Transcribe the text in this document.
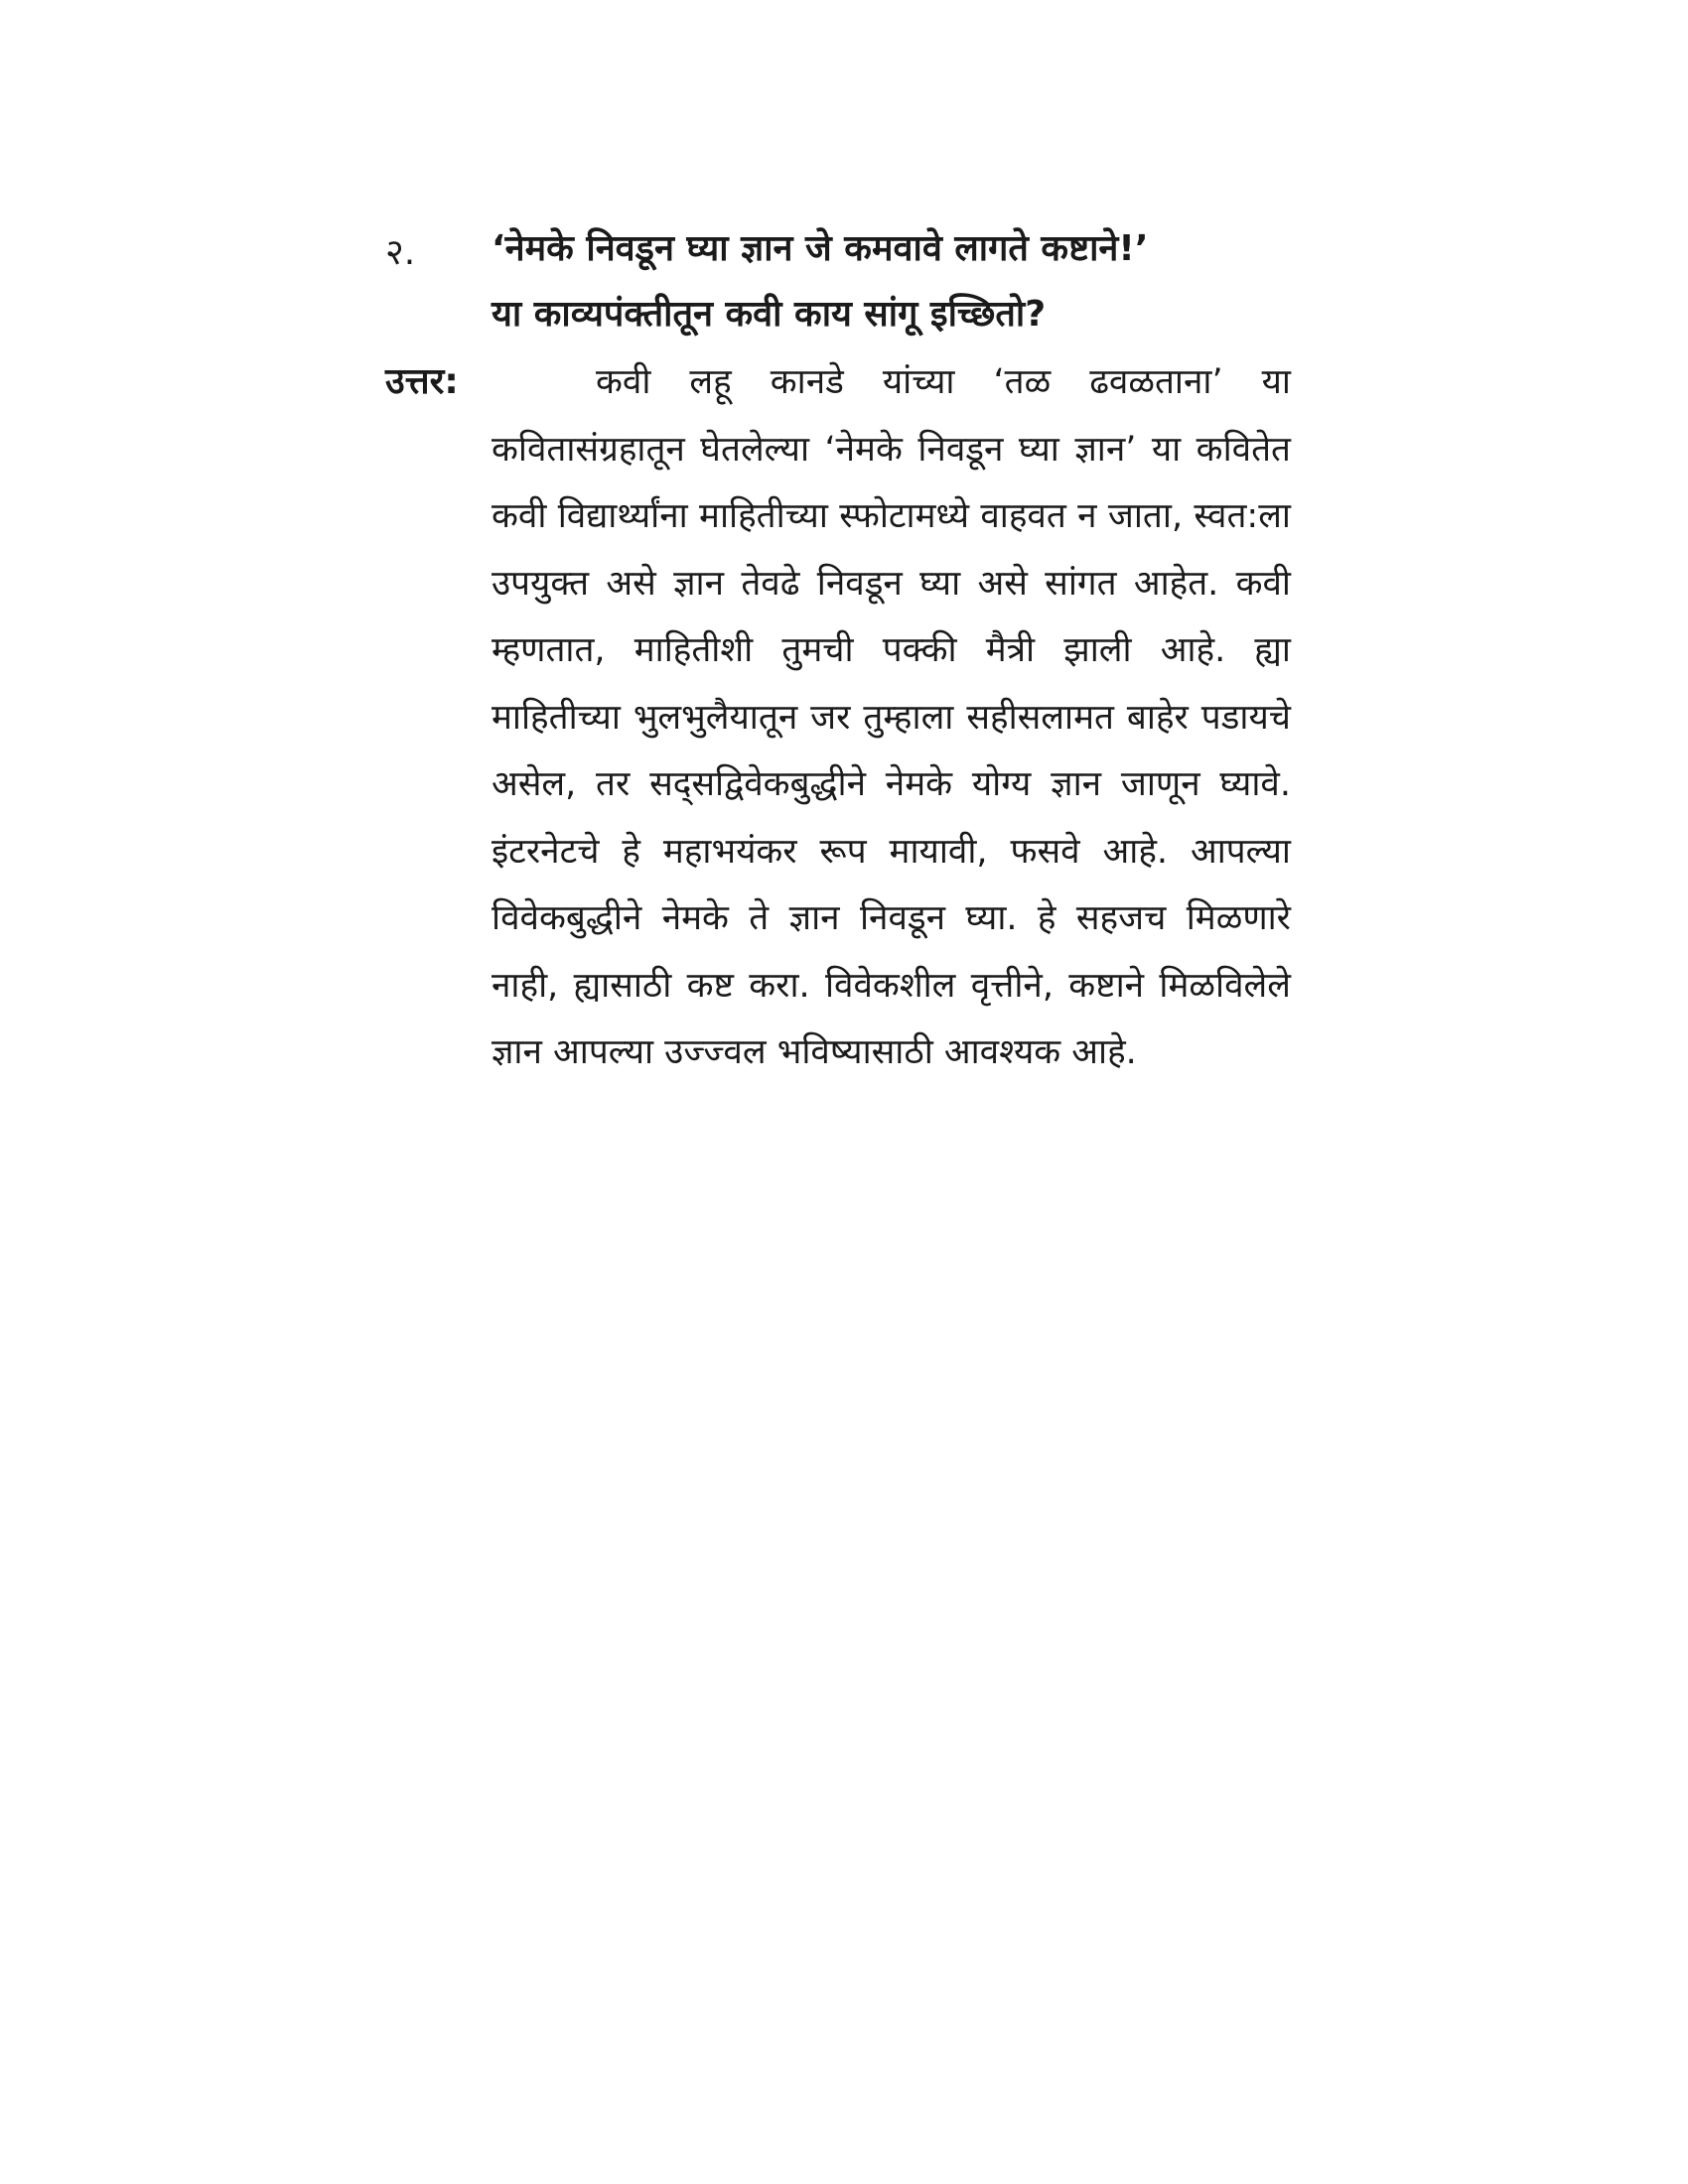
२. ‘नेमके निवडून घ्या ज्ञान जे कमवावे लागते कष्टाने!’
या काव्यपंक्तीतून कवी काय सांगू इच्छितो?
उत्तर:	कवी लहू कानडे यांच्या ‘तळ ढवळताना’ या कवितासंग्रहातून घेतलेल्या ‘नेमके निवडून घ्या ज्ञान’ या कवितेत कवी विद्यार्थ्यांना माहितीच्या स्फोटामध्ये वाहवत न जाता, स्वत:ला उपयुक्त असे ज्ञान तेवढे निवडून घ्या असे सांगत आहेत. कवी म्हणतात, माहितीशी तुमची पक्की मैत्री झाली आहे. ह्या माहितीच्या भुलभुलैयातून जर तुम्हाला सहीसलामत बाहेर पडायचे असेल, तर सद्सद्विवेकबुद्धीने नेमके योग्य ज्ञान जाणून घ्यावे. इंटरनेटचे हे महाभयंकर रूप मायावी, फसवे आहे. आपल्या विवेकबुद्धीने नेमके ते ज्ञान निवडून घ्या. हे सहजच मिळणारे नाही, ह्यासाठी कष्ट करा. विवेकशील वृत्तीने, कष्टाने मिळविलेले ज्ञान आपल्या उज्ज्वल भविष्यासाठी आवश्यक आहे.
